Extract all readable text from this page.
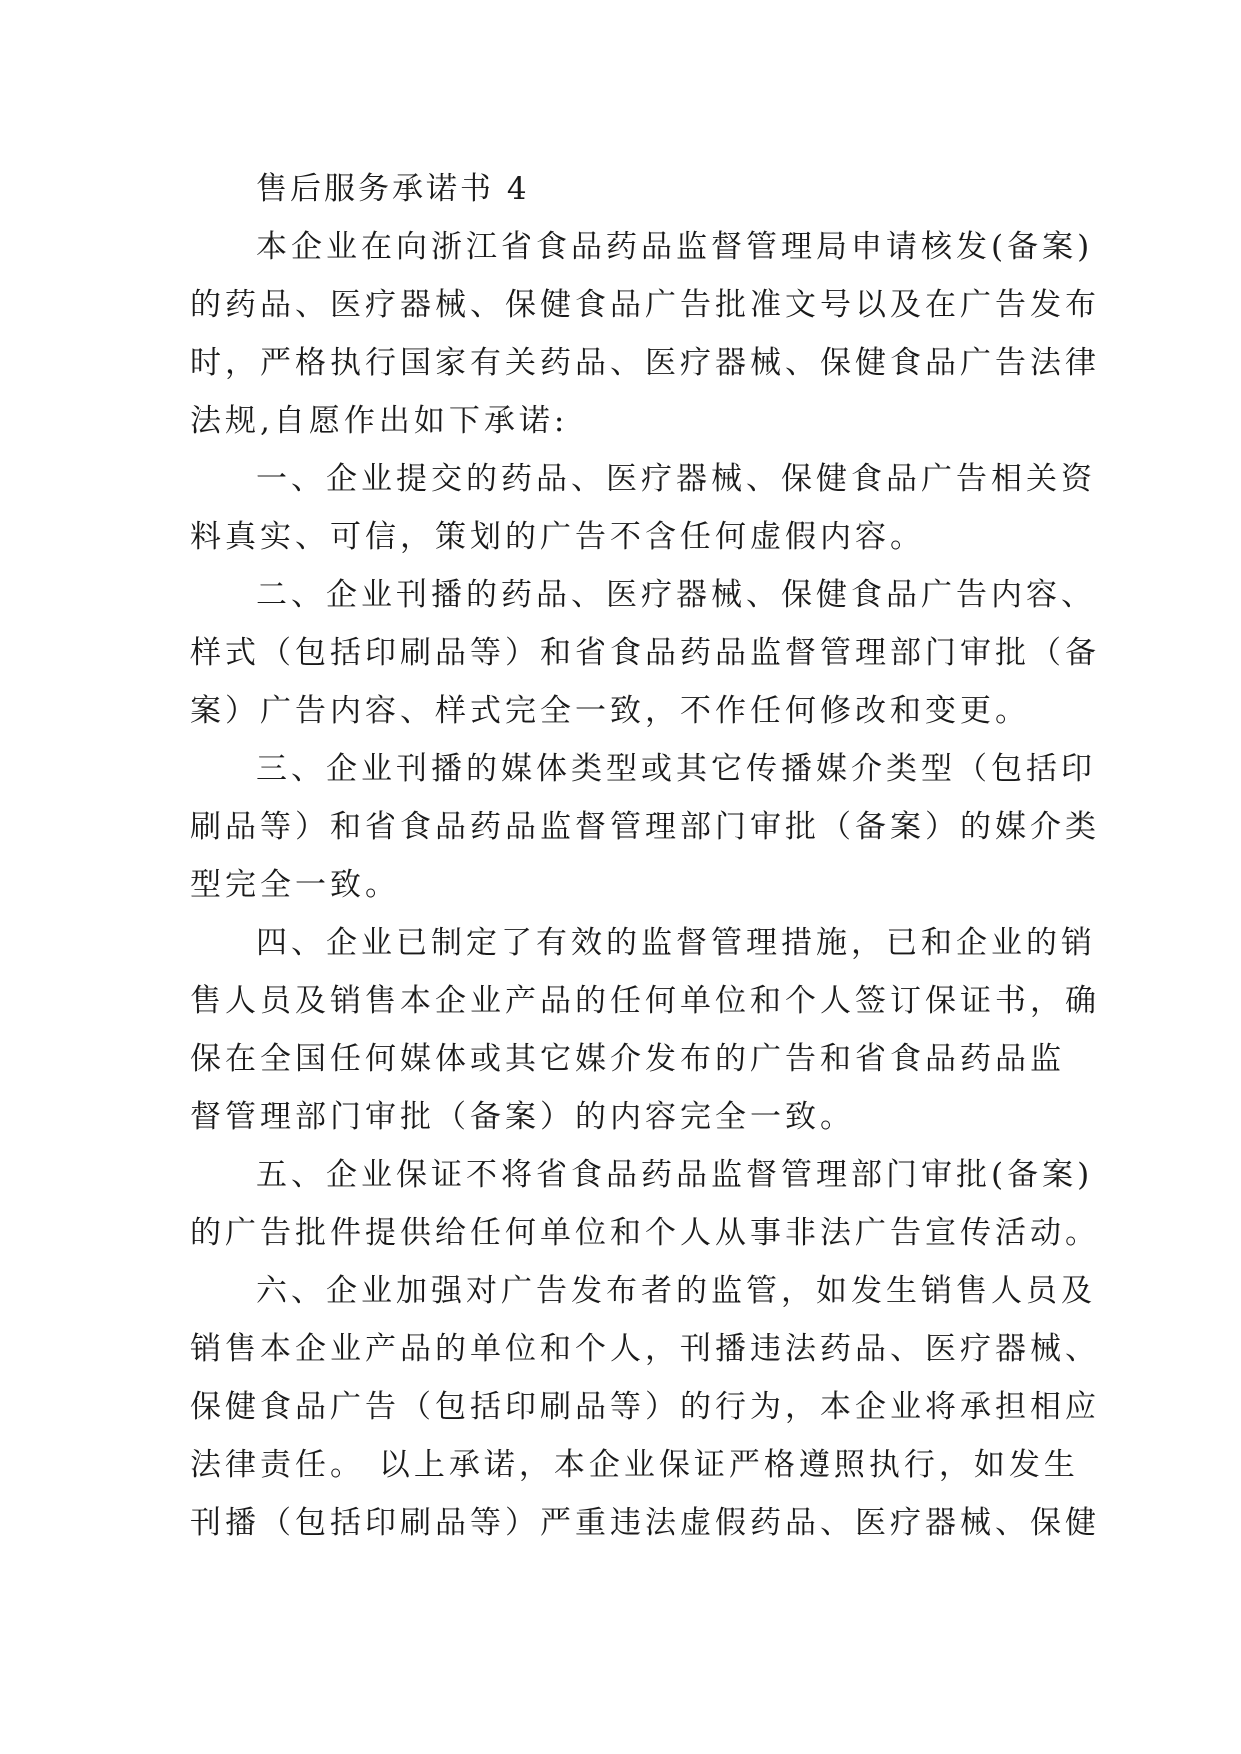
售后服务承诺书 4
本企业在向浙江省食品药品监督管理局申请核发(备案)
的药品、医疗器械、保健食品广告批准文号以及在广告发布
时，严格执行国家有关药品、医疗器械、保健食品广告法律
法规,自愿作出如下承诺:
一、企业提交的药品、医疗器械、保健食品广告相关资
料真实、可信，策划的广告不含任何虚假内容。
二、企业刊播的药品、医疗器械、保健食品广告内容、
样式（包括印刷品等）和省食品药品监督管理部门审批（备
案）广告内容、样式完全一致，不作任何修改和变更。
三、企业刊播的媒体类型或其它传播媒介类型（包括印
刷品等）和省食品药品监督管理部门审批（备案）的媒介类
型完全一致。
四、企业已制定了有效的监督管理措施，已和企业的销
售人员及销售本企业产品的任何单位和个人签订保证书，确
保在全国任何媒体或其它媒介发布的广告和省食品药品监
督管理部门审批（备案）的内容完全一致。
五、企业保证不将省食品药品监督管理部门审批(备案)
的广告批件提供给任何单位和个人从事非法广告宣传活动。
六、企业加强对广告发布者的监管，如发生销售人员及
销售本企业产品的单位和个人，刊播违法药品、医疗器械、
保健食品广告（包括印刷品等）的行为，本企业将承担相应
法律责任。 以上承诺，本企业保证严格遵照执行，如发生
刊播（包括印刷品等）严重违法虚假药品、医疗器械、保健
